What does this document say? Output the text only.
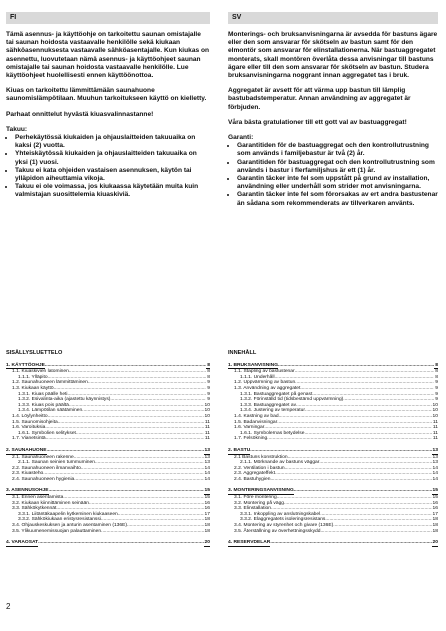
FI

Tämä asennus- ja käyttöohje on tarkoitettu saunan omistajalle tai saunan hoidosta vastaavalle henkilölle sekä kiukaan sähköasennuksesta vastaavalle sähköasentajalle. Kun kiukas on asennettu, luovutetaan nämä asennus- ja käyttöohjeet saunan omistajalle tai saunan hoidosta vastaavalle henkilölle. Lue käyttöohjeet huolellisesti ennen käyttöönottoa.

Kiuas on tarkoitettu lämmittämään saunahuone saunomislämpötilaan. Muuhun tarkoitukseen käyttö on kielletty.

Parhaat onnittelut hyvästä kiuasvalinnastanne!

Takuu:
• Perhekäytössä kiukaiden ja ohjauslaitteiden takuuaika on kaksi (2) vuotta.
• Yhteiskäytössä kiukaiden ja ohjauslaitteiden takuuaika on yksi (1) vuosi.
• Takuu ei kata ohjeiden vastaisen asennuksen, käytön tai ylläpidon aiheuttamia vikoja.
• Takuu ei ole voimassa, jos kiukaassa käytetään muita kuin valmistajan suosittelemia kiuaskiviä.
SV

Monterings- och bruksanvisningarna är avsedda för bastuns ägare eller den som ansvarar för skötseln av bastun samt för den elmontör som ansvarar för elinstallationerna. När bastuaggregatet monterats, skall montören överlåta dessa anvisningar till bastuns ägare eller till den som ansvarar för skötseln av bastun. Studera bruksanvisningarna noggrant innan aggregatet tas i bruk.

Aggregatet är avsett för att värma upp bastun till lämplig bastubadstemperatur. Annan användning av aggregatet är förbjuden.

Våra bästa gratulationer till ett gott val av bastuaggregat!

Garanti:
• Garantitiden för de bastuaggregat och den kontrollutrustning som används i familjebastur är två (2) år.
• Garantitiden för bastuaggregat och den kontrollutrustning som används i bastur i flerfamiljshus är ett (1) år.
• Garantin täcker inte fel som uppstått på grund av installation, användning eller underhåll som strider mot anvisningarna.
• Garantin täcker inte fel som förorsakas av ert andra bastustenar än sådana som rekommenderats av tillverkaren använts.
SISÄLLYSLUETTELO
1. KÄYTTÖOHJE .....	8
1.1. Kiuaskivien latominen .....	8
1.1.1. Ylläpito .....	8
1.2. Saunahuoneen lämmittäminen .....	9
1.3. Kiukaan käyttö .....	9
1.3.1. Kiuas päälle heti .....	9
1.3.2. Esivalinta-aika (ajastettu käynnistys) .....	9
1.3.3. Kiuas pois päältä .....	10
1.3.4. Lämpötilan säätäminen .....	10
1.4. Löylynheitto .....	10
1.5. Saunomisohjeita .....	11
1.6. Varoituksia .....	11
1.6.1. Symbolien selitykset .....	11
1.7. Vianetsintä .....	11
2. SAUNAHUONE .....	13
2.1. Saunahuoneen rakenne .....	13
2.1.1. Saunan seinien tummuminen .....	13
2.2. Saunahuoneen ilmanvaihto .....	14
2.3. Kiuasteho .....	14
2.4. Saunahuoneen hygienia .....	14
3. ASENNUSOHJE .....	15
3.1. Ennen asentamista .....	15
3.2. Kiukaan kiinnittäminen seinään .....	16
3.3. Sähkökytkennät .....	16
3.3.1. Liitäntäkaapelin kytkeminen kiukaaseen .....	17
3.3.2. Sähkökiukaan eristysresistanssi .....	18
3.4. Ohjauskeskuksen ja anturin asentaminen (136E) .....	18
3.5. Ylikuumenemissuojan palauttaminen .....	18
4. VARAOSAT .....	20
INNEHÅLL
1. BRUKSANVISNING .....	8
1.1. Stapling av bastustenar .....	8
1.1.1. Underhåll .....	8
1.2. Uppvärmning av bastun .....	9
1.3. Användning av aggregatet .....	9
1.3.1. Bastuaggregatet på genast .....	9
1.3.2. Förinställd tid (tidsbestämd uppvärmning) .....	9
1.3.3. Bastuaggregatet av .....	10
1.3.4. Justering av temperatur .....	10
1.4. Kastning av bad .....	10
1.5. Badanvisningar .....	11
1.6. Varningar .....	11
1.6.1. Symbolernas betydelse .....	11
1.7. Felsökning .....	11
2. BASTU .....	13
2.1 Bastuns konstruktion .....	13
2.1.1. Mörknande av bastuns väggar .....	13
2.2. Ventilation i bastun .....	14
2.3. Aggregateffekt .....	14
2.4. Bastuhygien .....	14
3. MONTERINGSANVISNING .....	15
3.1. Före montering .....	15
3.2. Montering på vägg .....	16
3.3. Elinstallation .....	16
3.3.1. Inkoppling av anslutningskabel .....	17
3.3.2. Elaggregatets isoleringsresistans .....	18
3.4. Montering av styrenhet och givare (136E) .....	18
3.5. Återställning av överhettningsskydd .....	18
4. RESERVDELAR .....	20
2
